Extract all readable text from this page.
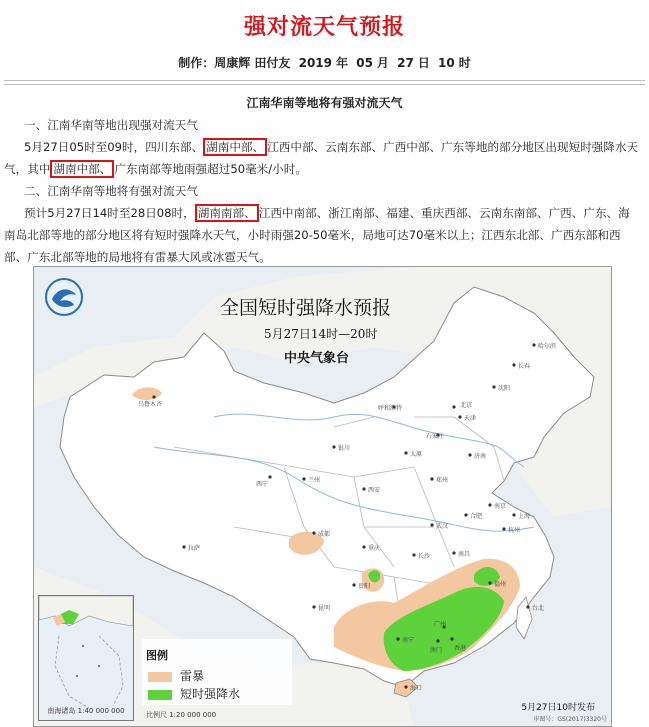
强对流天气预报
制作：周康辉 田付友 2019 年 05 月 27 日 10 时
江南华南等地将有强对流天气

一、江南华南等地出现强对流天气

5月27日05时至09时，四川东部、 湖南中部、 江西中部、云南东部、广西中部、广东等地的部分地区出现短时强降水天气，其中 湖南中部、 广东南部等地雨强超过50毫米/小时。

二、江南华南等地将有强对流天气

预计5月27日14时至28日08时， 湖南南部、 江西中南部、浙江南部、福建、重庆西部、云南东南部、广西、广东、海南岛北部等地的部分地区将有短时强降水天气，小时雨强20-50毫米，局地可达70毫米以上；江西东北部、广西东部和西部、广东北部等地的局地将有雷暴大风或冰雹天气。

全国短时强降水预报
5月27日14时—20时
中央气象台
北京
天津
石家庄
太原	济南
郑州
西安
兰州
西宁
成都
重庆
贵阳
昆明
拉萨
乌鲁木齐
长沙	南昌
武汉
合肥
南京
上海
杭州
福州
台北
广州
南宁
海口
银川
呼和浩特
沈阳
长春
哈尔滨
香港
澳门
南海诸岛 1:40 000 000
图例
雷暴
短时强降水
比例尺 1:20 000 000
5月27日10时发布
审图号：GS(2017)3320号
